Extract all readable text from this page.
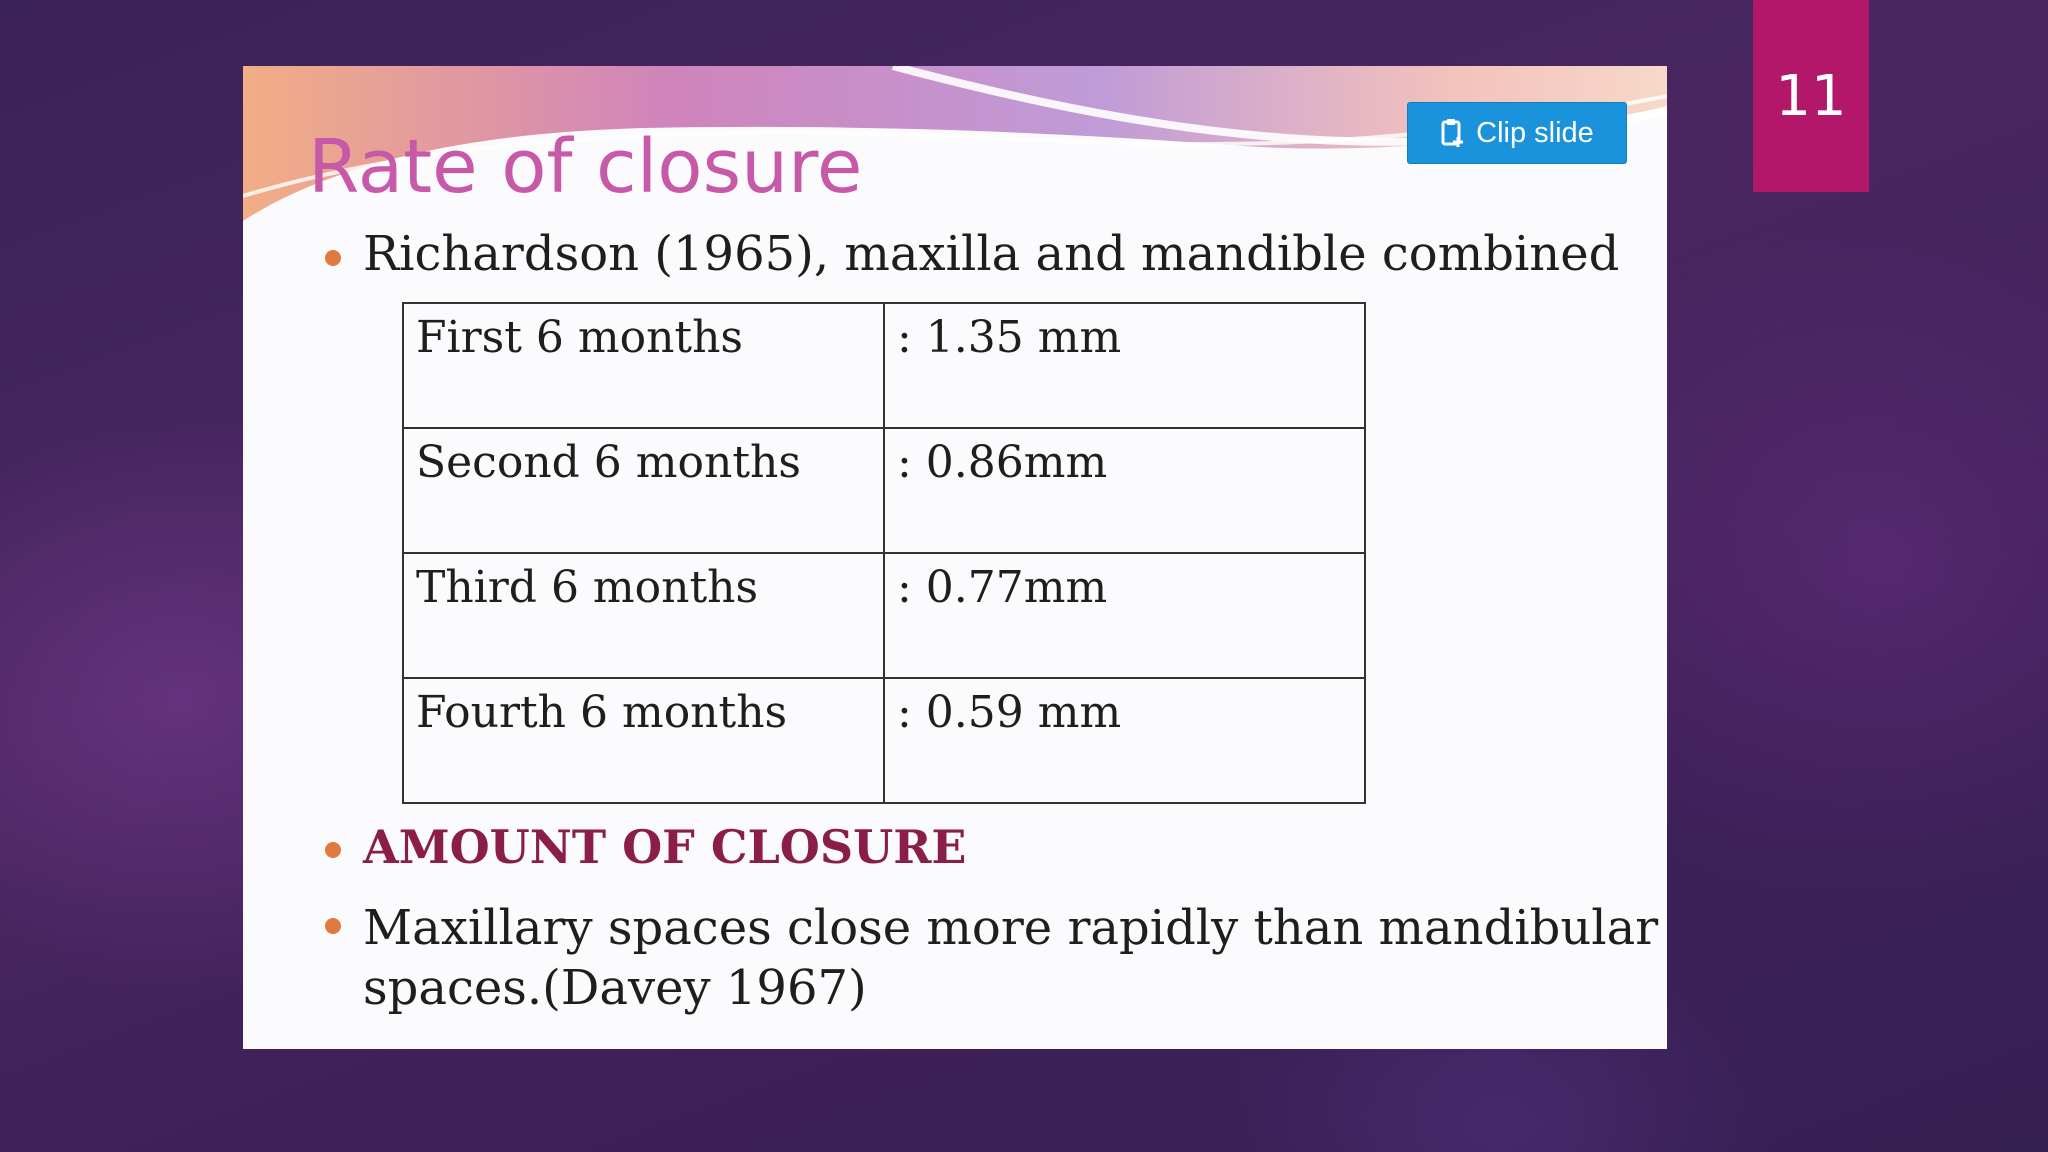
11
Rate of closure	Clip slide
Richardson (1965), maxilla and mandible combined
First 6 months	: 1.35 mm
Second 6 months	: 0.86mm
Third 6 months	: 0.77mm
Fourth 6 months	: 0.59 mm
AMOUNT OF CLOSURE
Maxillary spaces close more rapidly than mandibular
spaces.(Davey 1967)
